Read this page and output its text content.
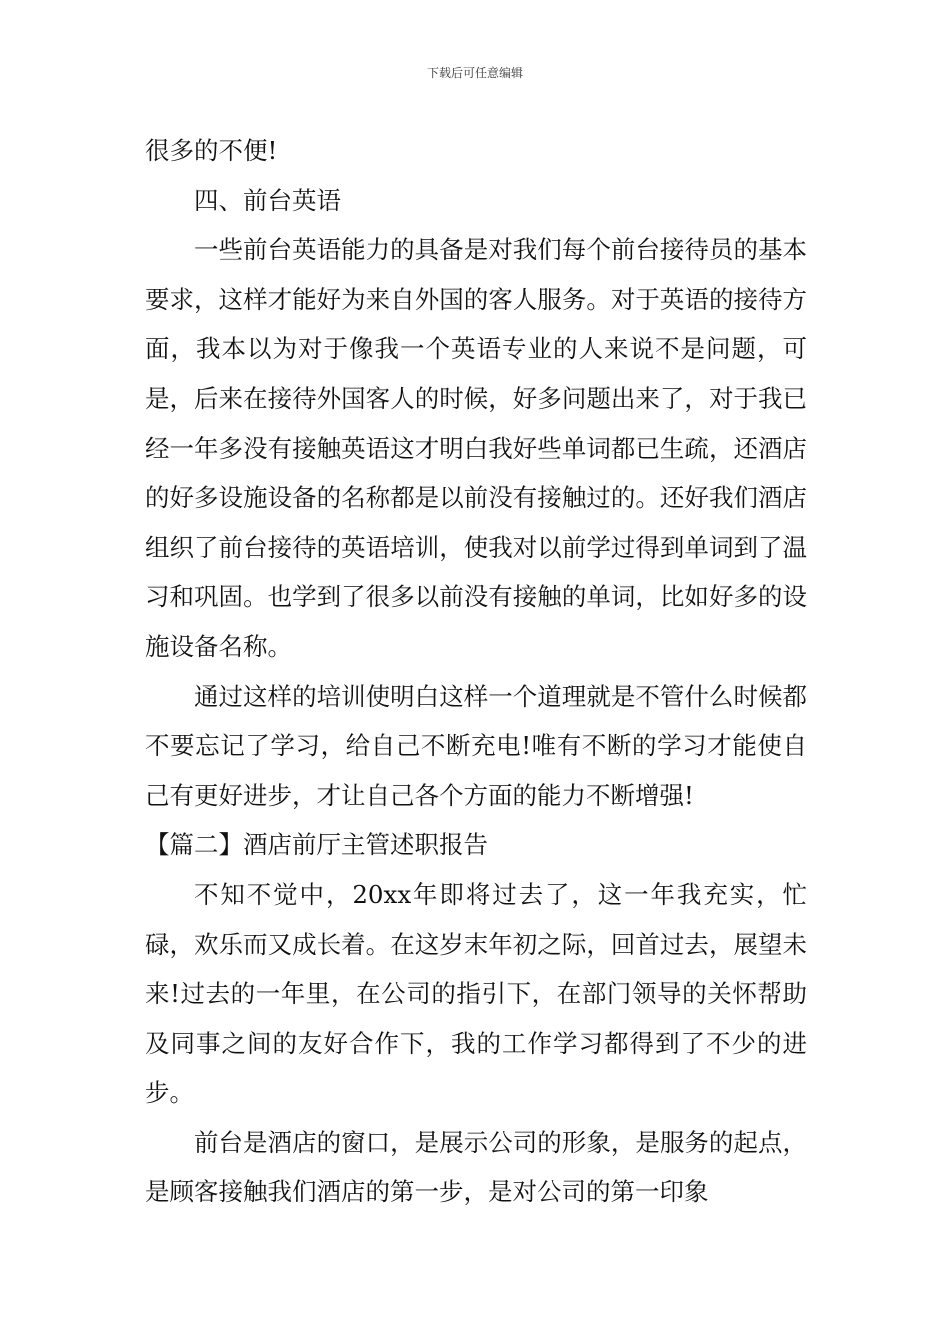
下载后可任意编辑

很多的不便!

四、前台英语

一些前台英语能力的具备是对我们每个前台接待员的基本要求，这样才能好为来自外国的客人服务。对于英语的接待方面，我本以为对于像我一个英语专业的人来说不是问题，可是，后来在接待外国客人的时候，好多问题出来了，对于我已经一年多没有接触英语这才明白我好些单词都已生疏，还酒店的好多设施设备的名称都是以前没有接触过的。还好我们酒店组织了前台接待的英语培训，使我对以前学过得到单词到了温习和巩固。也学到了很多以前没有接触的单词，比如好多的设施设备名称。

通过这样的培训使明白这样一个道理就是不管什么时候都不要忘记了学习，给自己不断充电!唯有不断的学习才能使自己有更好进步，才让自己各个方面的能力不断增强!

【篇二】酒店前厅主管述职报告

不知不觉中，20xx年即将过去了，这一年我充实，忙碌，欢乐而又成长着。在这岁末年初之际，回首过去，展望未来!过去的一年里，在公司的指引下，在部门领导的关怀帮助及同事之间的友好合作下，我的工作学习都得到了不少的进步。

前台是酒店的窗口，是展示公司的形象，是服务的起点，是顾客接触我们酒店的第一步，是对公司的第一印象
